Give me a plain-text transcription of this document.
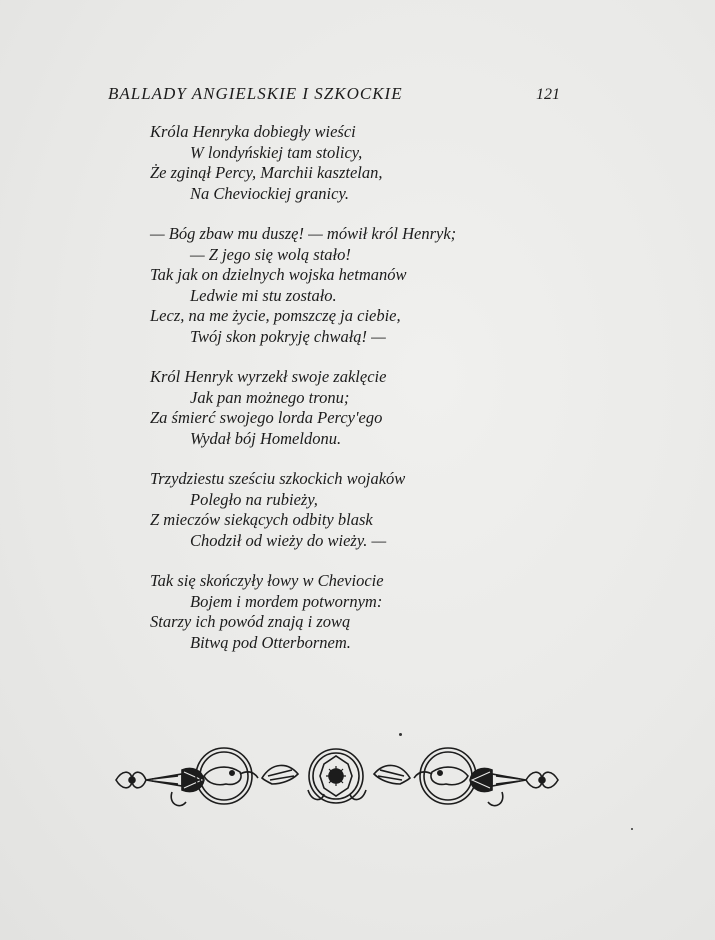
BALLADY ANGIELSKIE I SZKOCKIE	121
Króla Henryka dobiegły wieści
W londyńskiej tam stolicy,
Że zginął Percy, Marchii kasztelan,
Na Cheviockiej granicy.
— Bóg zbaw mu duszę! — mówił król Henryk;
— Z jego się wolą stało!
Tak jak on dzielnych wojska hetmanów
Ledwie mi stu zostało.
Lecz, na me życie, pomszczę ja ciebie,
Twój skon pokryję chwałą! —
Król Henryk wyrzekł swoje zaklęcie
Jak pan możnego tronu;
Za śmierć swojego lorda Percy'ego
Wydał bój Homeldonu.
Trzydziestu sześciu szkockich wojaków
Poległo na rubieży,
Z mieczów siekących odbity blask
Chodził od wieży do wieży. —
Tak się skończyły łowy w Cheviocie
Bojem i mordem potwornym:
Starzy ich powód znają i zową
Bitwą pod Otterbornem.
